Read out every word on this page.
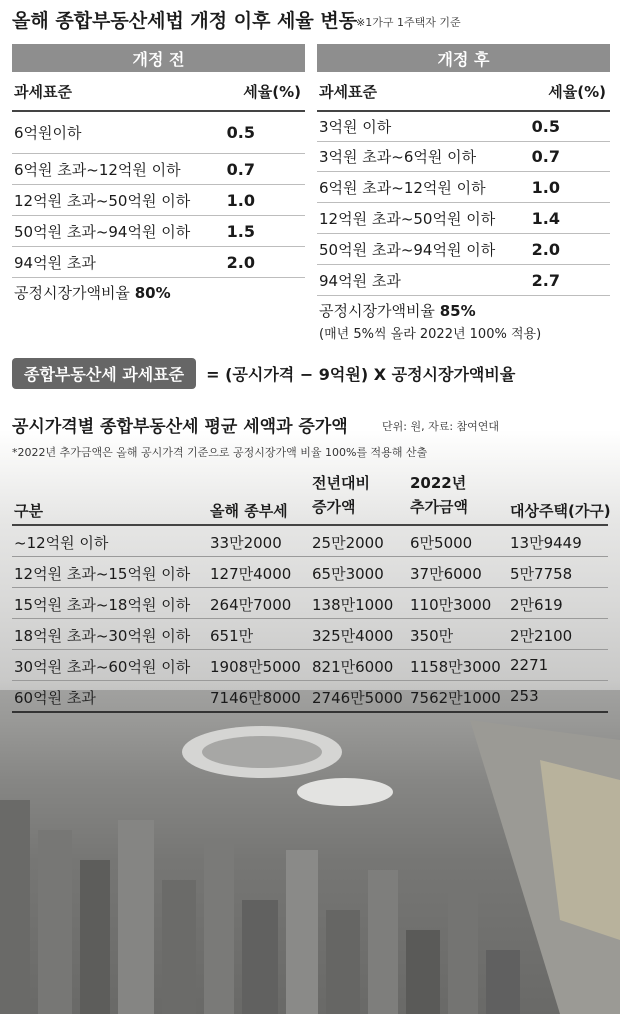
올해 종합부동산세법 개정 이후 세율 변동
※1가구 1주택자 기준
개정 전
과세표준	세율(%)
6억원이하	0.5
6억원 초과~12억원 이하	0.7
12억원 초과~50억원 이하 1.0
50억원 초과~94억원 이하 1.5
94억원 초과	2.0
공정시장가액비율 80%
개정 후
과세표준	세율(%)
3억원 이하	0.5
3억원 초과~6억원 이하	0.7
6억원 초과~12억원 이하	1.0
12억원 초과~50억원 이하 1.4
50억원 초과~94억원 이하 2.0
94억원 초과	2.7
공정시장가액비율 85%
(매년 5%씩 올라 2022년 100% 적용)
종합부동산세 과세표준	= (공시가격 − 9억원) X 공정시장가액비율
공시가격별 종합부동산세 평균 세액과 증가액	단위: 원, 자료: 참여연대
*2022년 추가금액은 올해 공시가격 기준으로 공정시장가액 비율 100%를 적용해 산출
구분	올해 종부세
전년대비
증가액
2022년
추가금액	대상주택(가구)
~12억원 이하	33만2000 25만2000 6만5000	13만9449
12억원 초과~15억원 이하 127만4000 65만3000 37만6000 5만7758
15억원 초과~18억원 이하 264만7000 138만1000 110만3000 2만619
18억원 초과~30억원 이하 651만	325만4000 350만	2만2100
30억원 초과~60억원 이하 1908만5000 821만6000 1158만3000 2271
60억원 초과	7146만8000 2746만5000 7562만1000 253
